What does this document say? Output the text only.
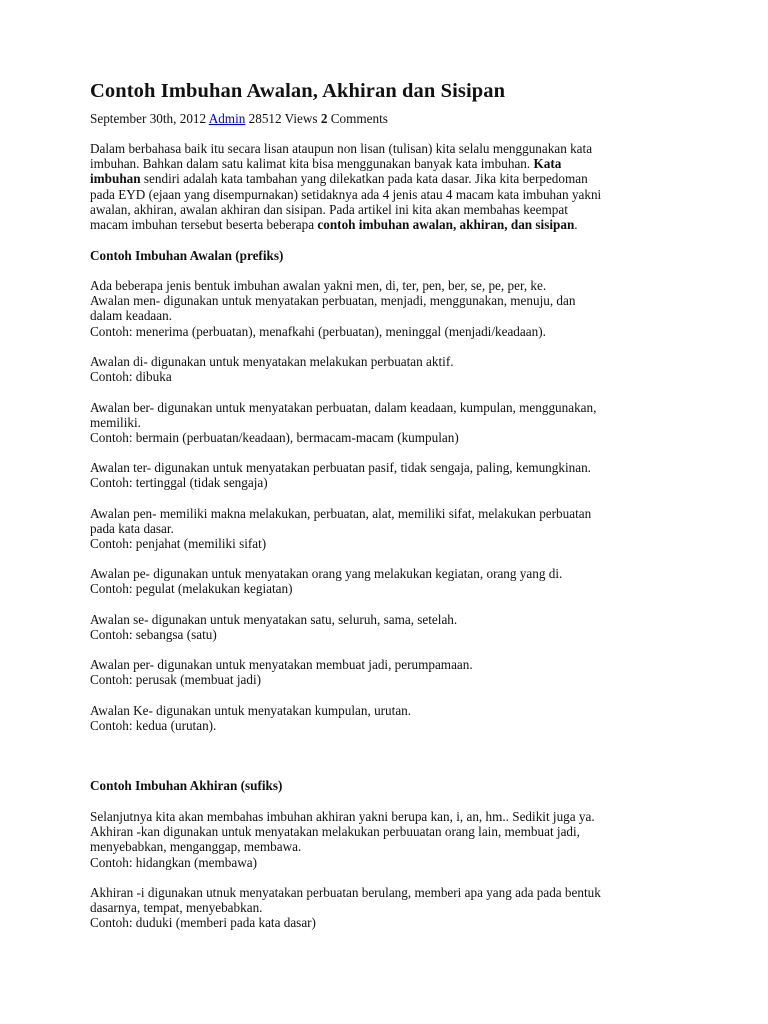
Contoh Imbuhan Awalan, Akhiran dan Sisipan
September 30th, 2012 Admin 28512 Views 2 Comments
Dalam berbahasa baik itu secara lisan ataupun non lisan (tulisan) kita selalu menggunakan kata
imbuhan. Bahkan dalam satu kalimat kita bisa menggunakan banyak kata imbuhan. Kata
imbuhan sendiri adalah kata tambahan yang dilekatkan pada kata dasar. Jika kita berpedoman
pada EYD (ejaan yang disempurnakan) setidaknya ada 4 jenis atau 4 macam kata imbuhan yakni
awalan, akhiran, awalan akhiran dan sisipan. Pada artikel ini kita akan membahas keempat
macam imbuhan tersebut beserta beberapa contoh imbuhan awalan, akhiran, dan sisipan.
Contoh Imbuhan Awalan (prefiks)
Ada beberapa jenis bentuk imbuhan awalan yakni men, di, ter, pen, ber, se, pe, per, ke.
Awalan men- digunakan untuk menyatakan perbuatan, menjadi, menggunakan, menuju, dan
dalam keadaan.
Contoh: menerima (perbuatan), menafkahi (perbuatan), meninggal (menjadi/keadaan).
Awalan di- digunakan untuk menyatakan melakukan perbuatan aktif.
Contoh: dibuka
Awalan ber- digunakan untuk menyatakan perbuatan, dalam keadaan, kumpulan, menggunakan,
memiliki.
Contoh: bermain (perbuatan/keadaan), bermacam-macam (kumpulan)
Awalan ter- digunakan untuk menyatakan perbuatan pasif, tidak sengaja, paling, kemungkinan.
Contoh: tertinggal (tidak sengaja)
Awalan pen- memiliki makna melakukan, perbuatan, alat, memiliki sifat, melakukan perbuatan
pada kata dasar.
Contoh: penjahat (memiliki sifat)
Awalan pe- digunakan untuk menyatakan orang yang melakukan kegiatan, orang yang di.
Contoh: pegulat (melakukan kegiatan)
Awalan se- digunakan untuk menyatakan satu, seluruh, sama, setelah.
Contoh: sebangsa (satu)
Awalan per- digunakan untuk menyatakan membuat jadi, perumpamaan.
Contoh: perusak (membuat jadi)
Awalan Ke- digunakan untuk menyatakan kumpulan, urutan.
Contoh: kedua (urutan).
Contoh Imbuhan Akhiran (sufiks)
Selanjutnya kita akan membahas imbuhan akhiran yakni berupa kan, i, an, hm.. Sedikit juga ya.
Akhiran -kan digunakan untuk menyatakan melakukan perbuuatan orang lain, membuat jadi,
menyebabkan, menganggap, membawa.
Contoh: hidangkan (membawa)
Akhiran -i digunakan utnuk menyatakan perbuatan berulang, memberi apa yang ada pada bentuk
dasarnya, tempat, menyebabkan.
Contoh: duduki (memberi pada kata dasar)
